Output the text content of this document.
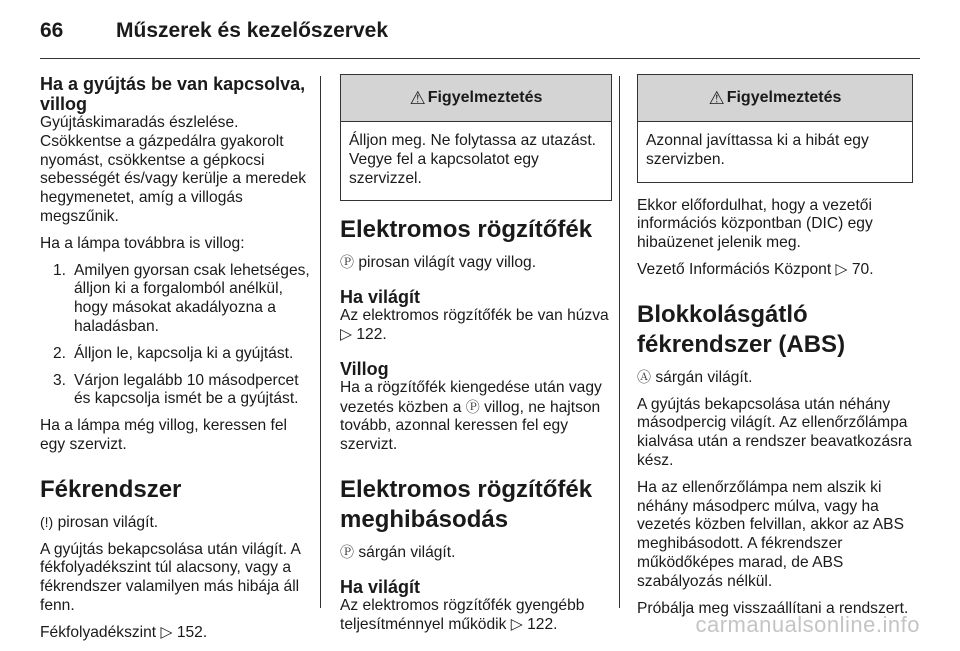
66	Műszerek és kezelőszervek
Ha a gyújtás be van kapcsolva, villog

Gyújtáskimaradás észlelése. Csökkentse a gázpedálra gyakorolt nyomást, csökkentse a gépkocsi sebességét és/vagy kerülje a meredek hegymenetet, amíg a villogás megszűnik.

Ha a lámpa továbbra is villog:

1. Amilyen gyorsan csak lehetséges, álljon ki a forgalomból anélkül, hogy másokat akadályozna a haladásban.
2. Álljon le, kapcsolja ki a gyújtást.
3. Várjon legalább 10 másodpercet és kapcsolja ismét be a gyújtást.

Ha a lámpa még villog, keressen fel egy szervizt.

Fékrendszer

(!) pirosan világít.

A gyújtás bekapcsolása után világít. A fékfolyadékszint túl alacsony, vagy a fékrendszer valamilyen más hibája áll fenn.

Fékfolyadékszint ▷ 152.

⚠ Figyelmeztetés
Álljon meg. Ne folytassa az utazást. Vegye fel a kapcsolatot egy szervizzel.
Elektromos rögzítőfék

Ⓟ pirosan világít vagy villog.

Ha világít

Az elektromos rögzítőfék be van húzva ▷ 122.

Villog

Ha a rögzítőfék kiengedése után vagy vezetés közben a Ⓟ villog, ne hajtson tovább, azonnal keressen fel egy szervizt.

Elektromos rögzítőfék meghibásodás

Ⓟ sárgán világít.

Ha világít

Az elektromos rögzítőfék gyengébb teljesítménnyel működik ▷ 122.

⚠ Figyelmeztetés
Azonnal javíttassa ki a hibát egy szervizben.

Ekkor előfordulhat, hogy a vezetői információs központban (DIC) egy hibaüzenet jelenik meg.

Vezető Információs Központ ▷ 70.

Blokkolásgátló fékrendszer (ABS)

Ⓐ sárgán világít.

A gyújtás bekapcsolása után néhány másodpercig világít. Az ellenőrzőlámpa kialvása után a rendszer beavatkozásra kész.

Ha az ellenőrzőlámpa nem alszik ki néhány másodperc múlva, vagy ha vezetés közben felvillan, akkor az ABS meghibásodott. A fékrendszer működőképes marad, de ABS szabályozás nélkül.

Próbálja meg visszaállítani a rendszert.

carmanualsonline.info
